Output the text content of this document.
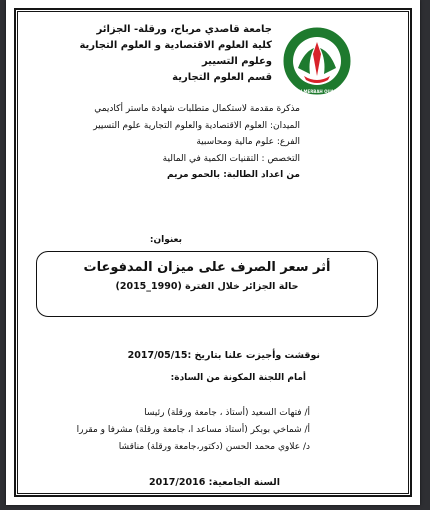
KASDI MERBAH OUARGLA
جامعة قاصدي مرباح، ورقلة- الجزائر
كلية العلوم الاقتصادية و العلوم التجارية وعلوم التسيير
قسم العلوم التجارية
مذكرة مقدمة لاستكمال متطلبات شهادة ماستر أكاديمي
الميدان: العلوم الاقتصادية والعلوم التجارية علوم التسيير
الفرع: علوم مالية ومحاسبية
التخصص : التقنيات الكمية في المالية
من اعداد الطالبة: بالحمو مريم
بعنوان:
أثر سعر الصرف على ميزان المدفوعات
حالة الجزائر خلال الفترة (1990_2015)
نوقشت وأجيزت علنا بتاريخ :2017/05/15
أمام اللجنة المكونة من السادة:
أ/ فتهات السعيد (أستاذ ، جامعة ورقلة) رئيسا
أ/ شماخي بوبكر (أستاذ مساعد ا، جامعة ورقلة) مشرفا و مقررا
د/ علاوي محمد الحسن (دكتور،جامعة ورقلة) مناقشا
السنة الجامعية: 2017/2016
